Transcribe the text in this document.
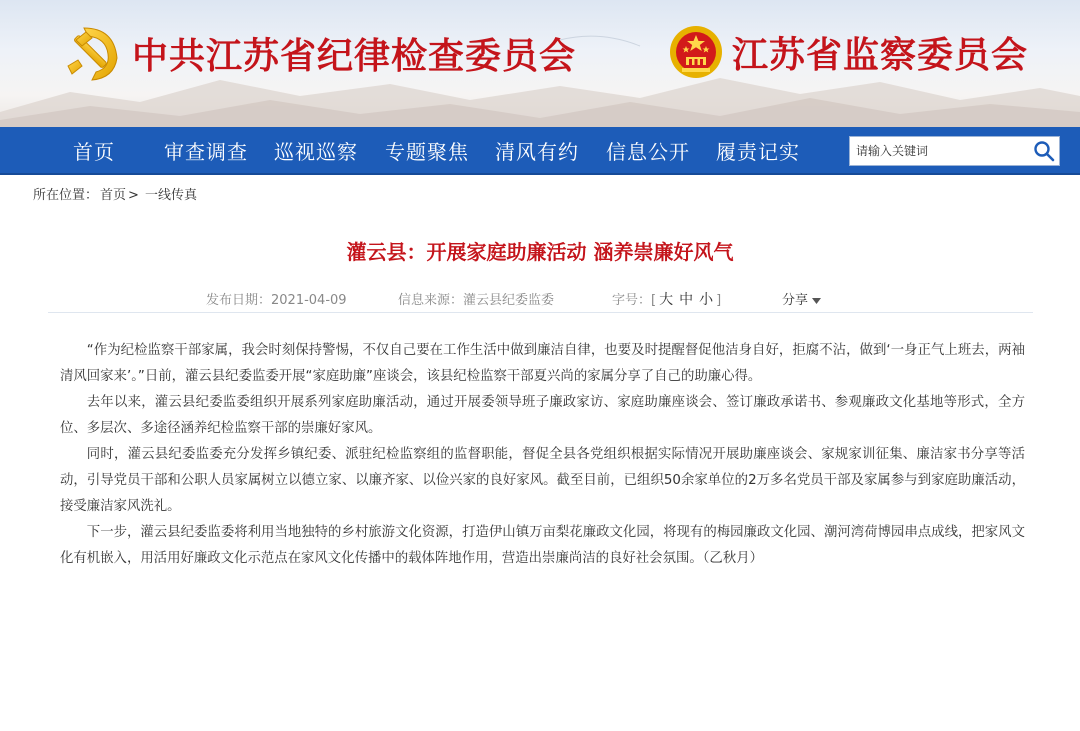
中共江苏省纪律检查委员会	江苏省监察委员会
首页 审查调查 巡视巡察 专题聚焦 清风有约 信息公开 履责记实
请输入关键词
所在位置： 首页 > 一线传真
灌云县：开展家庭助廉活动 涵养崇廉好风气
发布日期：2021-04-09	信息来源：灌云县纪委监委	字号：[ 大 中 小 ]	分享

“作为纪检监察干部家属，我会时刻保持警惕，不仅自己要在工作生活中做到廉洁自律，也要及时提醒督促他洁身自好，拒腐不沾，做到‘一身正气上班去，两袖清风回家来’。”日前，灌云县纪委监委开展“家庭助廉”座谈会，该县纪检监察干部夏兴尚的家属分享了自己的助廉心得。

去年以来，灌云县纪委监委组织开展系列家庭助廉活动，通过开展委领导班子廉政家访、家庭助廉座谈会、签订廉政承诺书、参观廉政文化基地等形式，全方位、多层次、多途径涵养纪检监察干部的崇廉好家风。

同时，灌云县纪委监委充分发挥乡镇纪委、派驻纪检监察组的监督职能，督促全县各党组织根据实际情况开展助廉座谈会、家规家训征集、廉洁家书分享等活动，引导党员干部和公职人员家属树立以德立家、以廉齐家、以俭兴家的良好家风。截至目前，已组织50余家单位的2万多名党员干部及家属参与到家庭助廉活动，接受廉洁家风洗礼。

下一步，灌云县纪委监委将利用当地独特的乡村旅游文化资源，打造伊山镇万亩梨花廉政文化园，将现有的梅园廉政文化园、潮河湾荷博园串点成线，把家风文化有机嵌入，用活用好廉政文化示范点在家风文化传播中的载体阵地作用，营造出崇廉尚洁的良好社会氛围。（乙秋月）
